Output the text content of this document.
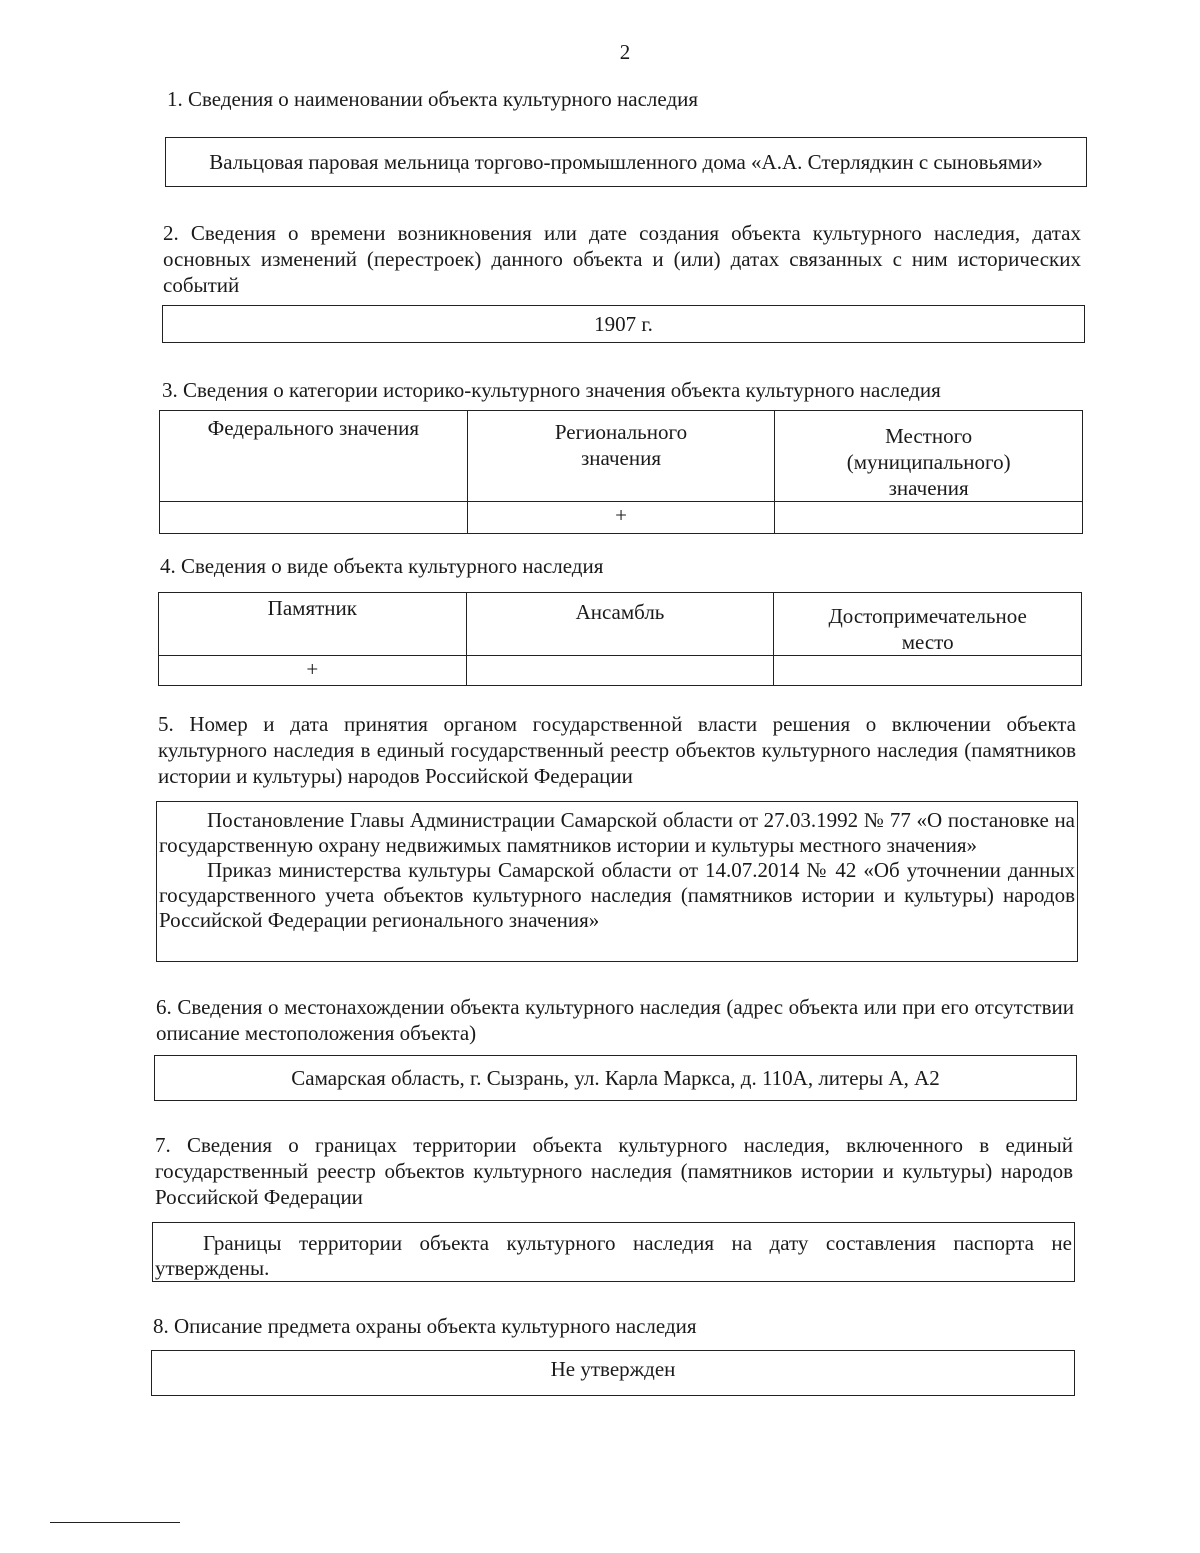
2
1. Сведения о наименовании объекта культурного наследия
Вальцовая паровая мельница торгово-промышленного дома «А.А. Стерлядкин с сыновьями»
2. Сведения о времени возникновения или дате создания объекта культурного наследия, датах основных изменений (перестроек) данного объекта и (или) датах связанных с ним исторических событий
1907 г.
3. Сведения о категории историко-культурного значения объекта культурного наследия
Федерального значения	Регионального значения	Местного (муниципального) значения
	+	
4. Сведения о виде объекта культурного наследия
Памятник	Ансамбль	Достопримечательное место
+		
5. Номер и дата принятия органом государственной власти решения о включении объекта культурного наследия в единый государственный реестр объектов культурного наследия (памятников истории и культуры) народов Российской Федерации

Постановление Главы Администрации Самарской области от 27.03.1992 № 77 «О постановке на государственную охрану недвижимых памятников истории и культуры местного значения»

Приказ министерства культуры Самарской области от 14.07.2014 № 42 «Об уточнении данных государственного учета объектов культурного наследия (памятников истории и культуры) народов Российской Федерации регионального значения»

6. Сведения о местонахождении объекта культурного наследия (адрес объекта или при его отсутствии описание местоположения объекта)
Самарская область, г. Сызрань, ул. Карла Маркса, д. 110А, литеры А, А2
7. Сведения о границах территории объекта культурного наследия, включенного в единый государственный реестр объектов культурного наследия (памятников истории и культуры) народов Российской Федерации

Границы территории объекта культурного наследия на дату составления паспорта не утверждены.

8. Описание предмета охраны объекта культурного наследия
Не утвержден
